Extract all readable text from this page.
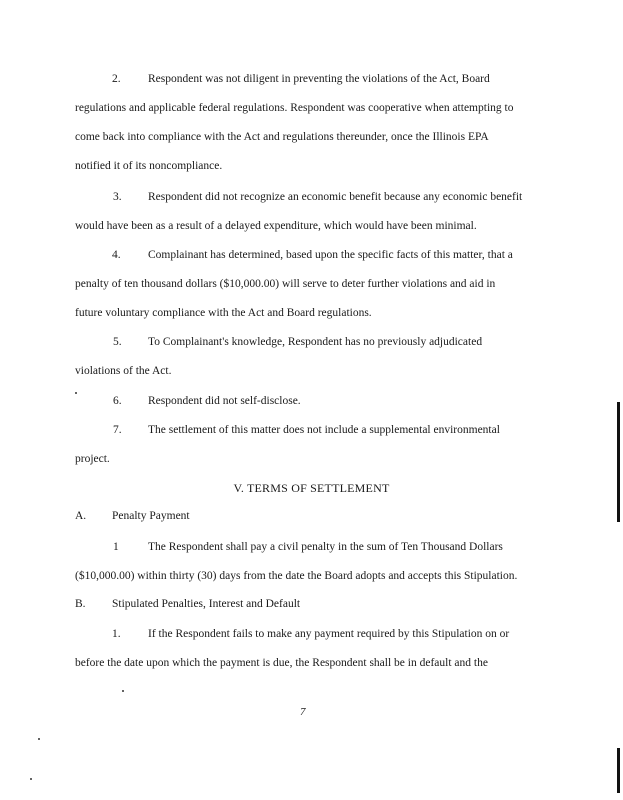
2. Respondent was not diligent in preventing the violations of the Act, Board
regulations and applicable federal regulations. Respondent was cooperative when attempting to
come back into compliance with the Act and regulations thereunder, once the Illinois EPA
notified it of its noncompliance.
3. Respondent did not recognize an economic benefit because any economic benefit
would have been as a result of a delayed expenditure, which would have been minimal.
4. Complainant has determined, based upon the specific facts of this matter, that a
penalty of ten thousand dollars ($10,000.00) will serve to deter further violations and aid in
future voluntary compliance with the Act and Board regulations.
5. To Complainant's knowledge, Respondent has no previously adjudicated
violations of the Act.
6. Respondent did not self-disclose.
7. The settlement of this matter does not include a supplemental environmental
project.
V. TERMS OF SETTLEMENT
A. Penalty Payment
1	The Respondent shall pay a civil penalty in the sum of Ten Thousand Dollars
($10,000.00) within thirty (30) days from the date the Board adopts and accepts this Stipulation.
B. Stipulated Penalties, Interest and Default
1. If the Respondent fails to make any payment required by this Stipulation on or
before the date upon which the payment is due, the Respondent shall be in default and the
7
